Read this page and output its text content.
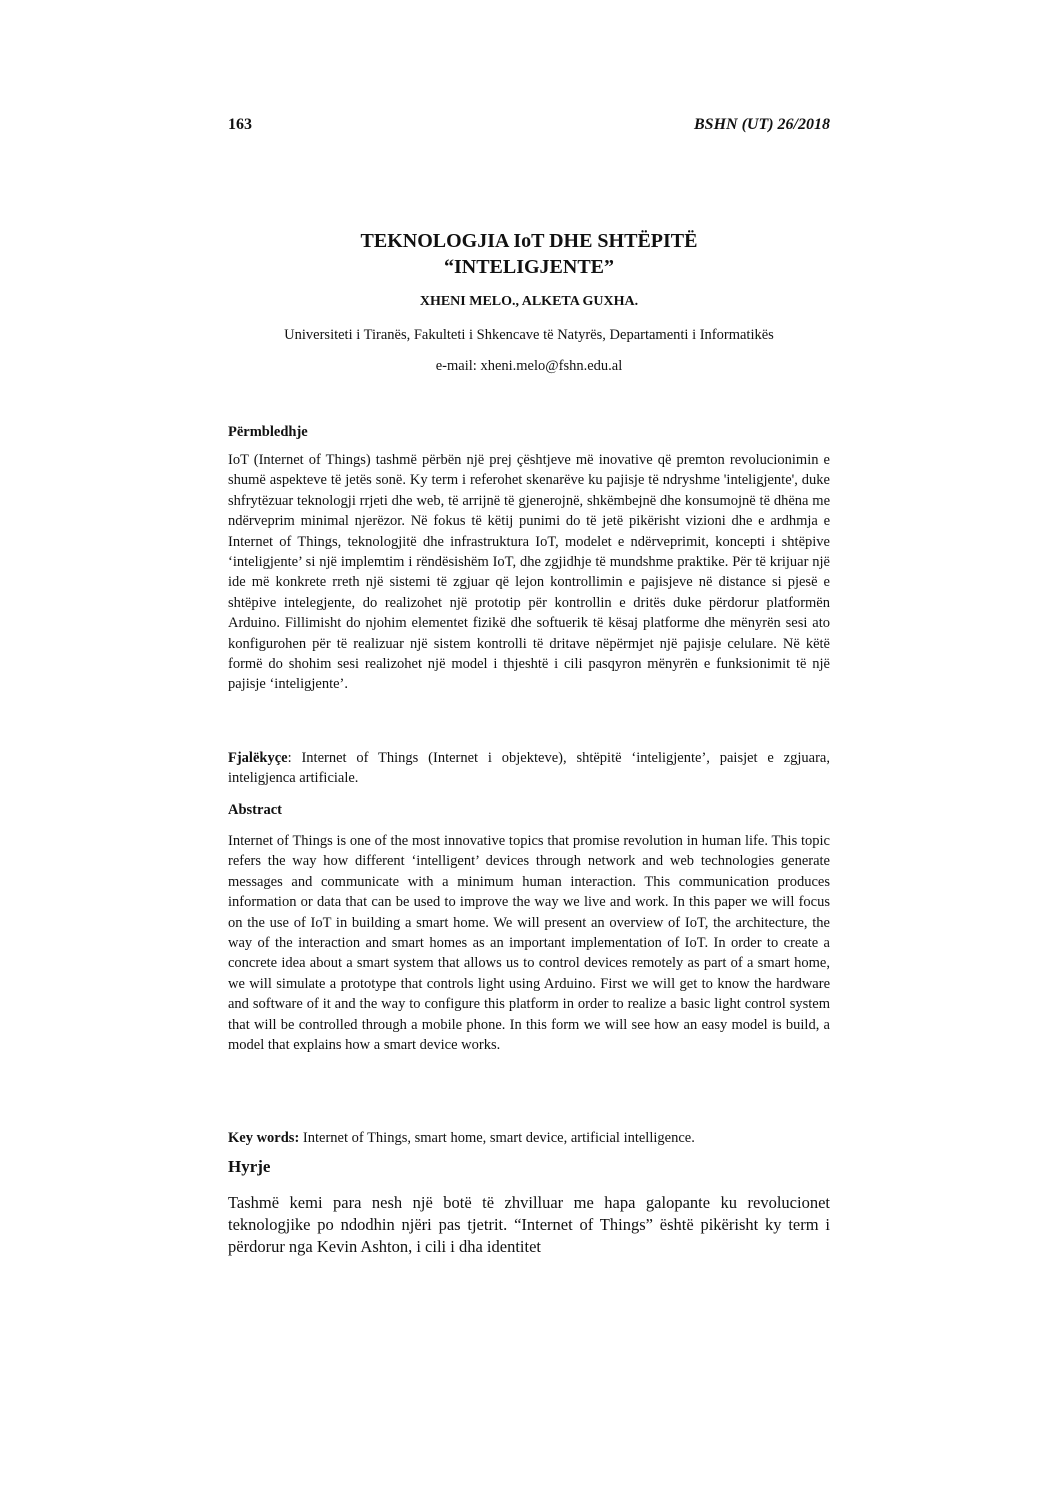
163	BSHN (UT) 26/2018
TEKNOLOGJIA IoT DHE SHTËPITË
“INTELIGJENTE”
XHENI MELO., ALKETA GUXHA.
Universiteti i Tiranës, Fakulteti i Shkencave të Natyrës, Departamenti i Informatikës
e-mail: xheni.melo@fshn.edu.al
Përmbledhje

IoT (Internet of Things) tashmë përbën një prej çështjeve më inovative që premton revolucionimin e shumë aspekteve të jetës sonë. Ky term i referohet skenarëve ku pajisje të ndryshme 'inteligjente', duke shfrytëzuar teknologji rrjeti dhe web, të arrijnë të gjenerojnë, shkëmbejnë dhe konsumojnë të dhëna me ndërveprim minimal njerëzor. Në fokus të këtij punimi do të jetë pikërisht vizioni dhe e ardhmja e Internet of Things, teknologjitë dhe infrastruktura IoT, modelet e ndërveprimit, koncepti i shtëpive ‘inteligjente’ si një implemtim i rëndësishëm IoT, dhe zgjidhje të mundshme praktike. Për të krijuar një ide më konkrete rreth një sistemi të zgjuar që lejon kontrollimin e pajisjeve në distance si pjesë e shtëpive intelegjente, do realizohet një prototip për kontrollin e dritës duke përdorur platformën Arduino. Fillimisht do njohim elementet fizikë dhe softuerik të kësaj platforme dhe mënyrën sesi ato konfigurohen për të realizuar një sistem kontrolli të dritave nëpërmjet një pajisje celulare. Në këtë formë do shohim sesi realizohet një model i thjeshtë i cili pasqyron mënyrën e funksionimit të një pajisje ‘inteligjente’.

Fjalëkyçe: Internet of Things (Internet i objekteve), shtëpitë ‘inteligjente’, paisjet e zgjuara, inteligjenca artificiale.

Abstract

Internet of Things is one of the most innovative topics that promise revolution in human life. This topic refers the way how different ‘intelligent’ devices through network and web technologies generate messages and communicate with a minimum human interaction. This communication produces information or data that can be used to improve the way we live and work. In this paper we will focus on the use of IoT in building a smart home. We will present an overview of IoT, the architecture, the way of the interaction and smart homes as an important implementation of IoT. In order to create a concrete idea about a smart system that allows us to control devices remotely as part of a smart home, we will simulate a prototype that controls light using Arduino. First we will get to know the hardware and software of it and the way to configure this platform in order to realize a basic light control system that will be controlled through a mobile phone. In this form we will see how an easy model is build, a model that explains how a smart device works.

Key words: Internet of Things, smart home, smart device, artificial intelligence.

Hyrje

Tashmë kemi para nesh një botë të zhvilluar me hapa galopante ku revolucionet teknologjike po ndodhin njëri pas tjetrit. “Internet of Things” është pikërisht ky term i përdorur nga Kevin Ashton, i cili i dha identitet
